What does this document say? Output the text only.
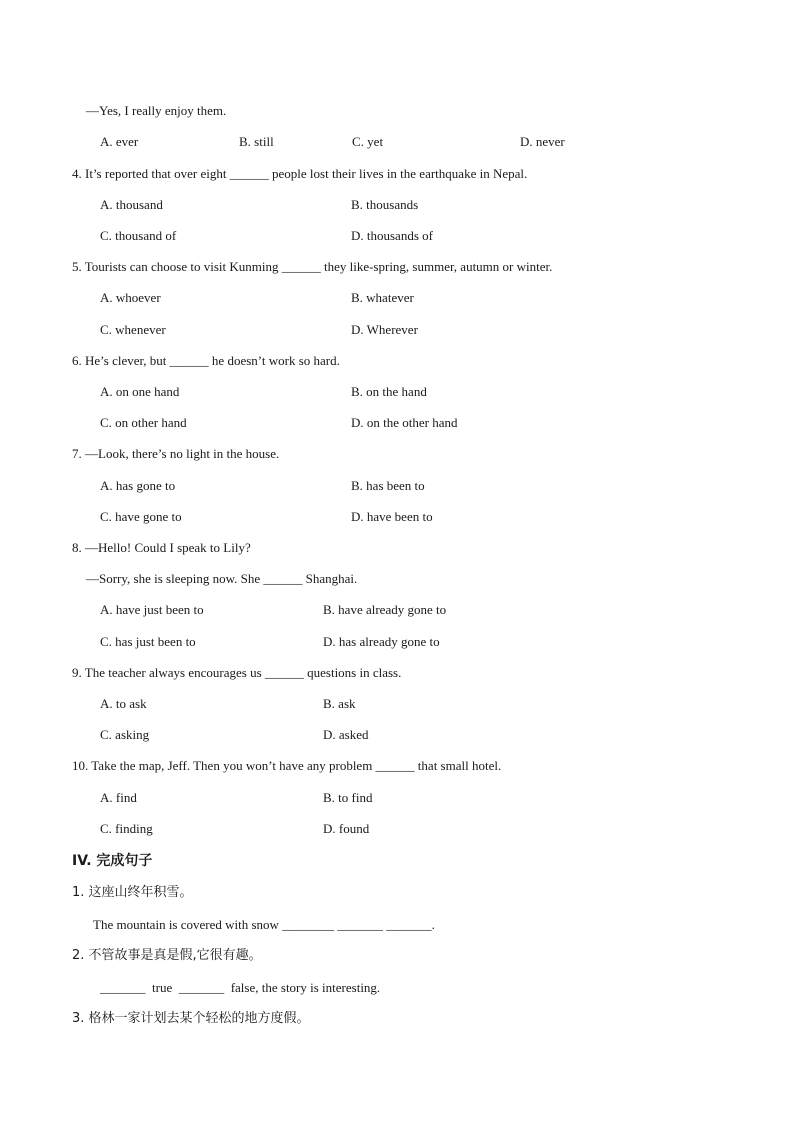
—Yes, I really enjoy them.
A. ever	B. still	C. yet	D. never
4. It’s reported that over eight ______ people lost their lives in the earthquake in Nepal.
A. thousand	B. thousands
C. thousand of	D. thousands of
5. Tourists can choose to visit Kunming ______ they like-spring, summer, autumn or winter.
A. whoever	B. whatever
C. whenever	D. Wherever
6. He’s clever, but ______ he doesn’t work so hard.
A. on one hand	B. on the hand
C. on other hand	D. on the other hand
7. —Look, there’s no light in the house.
A. has gone to	B. has been to
C. have gone to	D. have been to
8. —Hello! Could I speak to Lily?
—Sorry, she is sleeping now. She ______ Shanghai.
A. have just been to	B. have already gone to
C. has just been to	D. has already gone to
9. The teacher always encourages us ______ questions in class.
A. to ask	B. ask
C. asking	D. asked
10. Take the map, Jeff. Then you won’t have any problem ______ that small hotel.
A. find	B. to find
C. finding	D. found
IV. 完成句子
1. 这座山终年积雪。
The mountain is covered with snow ________ _______ _______.
2. 不管故事是真是假,它很有趣。
_______  true  _______  false, the story is interesting.
3. 格林一家计划去某个轻松的地方度假。
